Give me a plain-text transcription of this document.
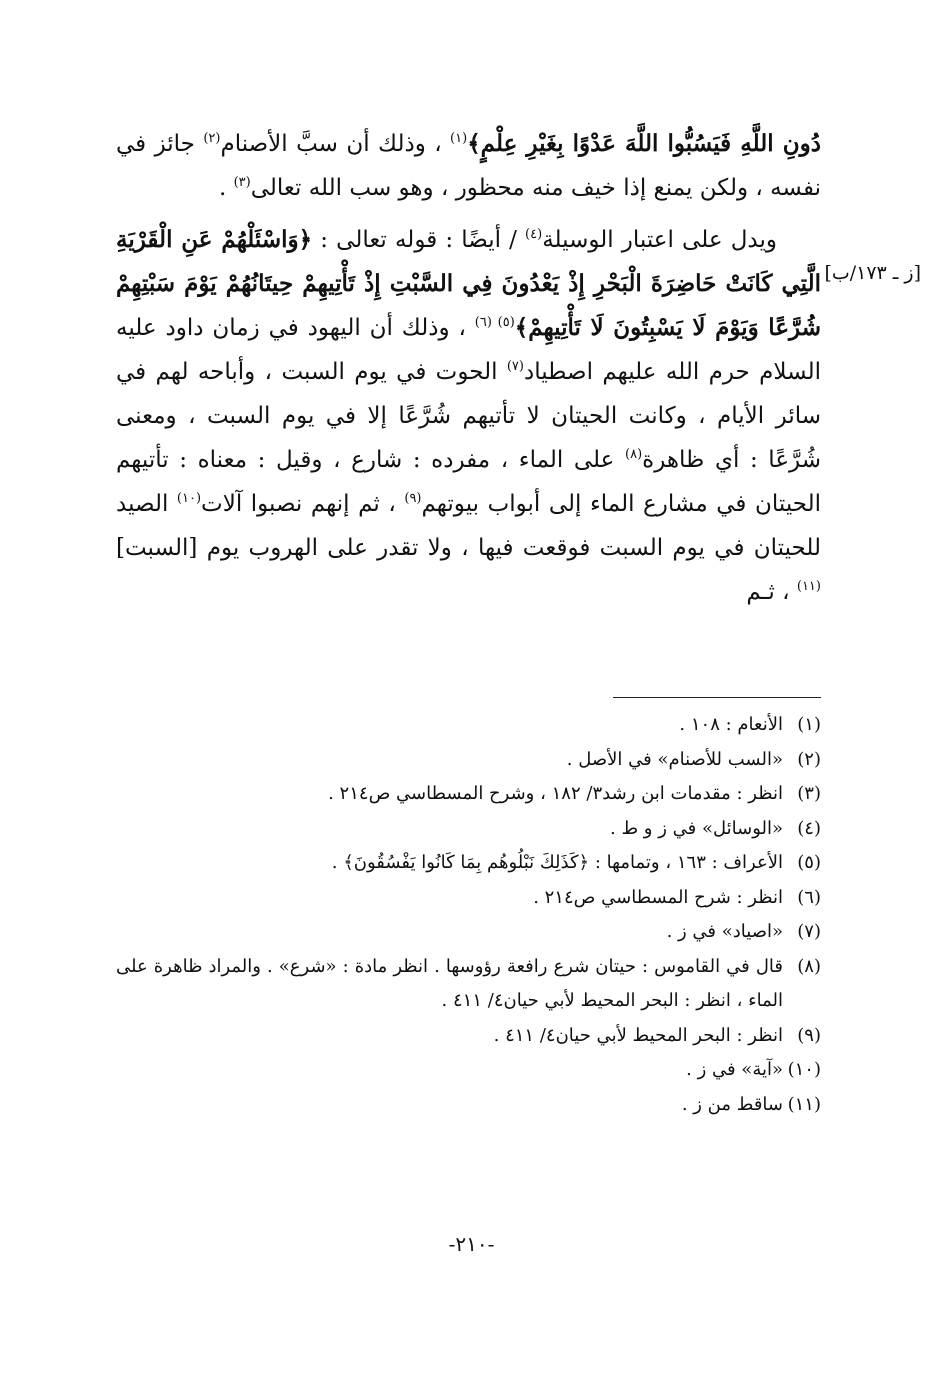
[ز ـ ١٧٣/ب]

دُونِ اللَّهِ فَيَسُبُّوا اللَّهَ عَدْوًا بِغَيْرِ عِلْمٍ﴾$^{(١)}$ ، وذلك أن سبَّ الأصنام$^{(٢)}$ جائز في نفسه ، ولكن يمنع إذا خيف منه محظور ، وهو سب الله تعالى$^{(٣)}$ .

ويدل على اعتبار الوسيلة$^{(٤)}$ / أيضًا : قوله تعالى : ﴿وَاسْئَلْهُمْ عَنِ الْقَرْيَةِ الَّتِي كَانَتْ حَاضِرَةَ الْبَحْرِ إِذْ يَعْدُونَ فِي السَّبْتِ إِذْ تَأْتِيهِمْ حِيتَانُهُمْ يَوْمَ سَبْتِهِمْ شُرَّعًا وَيَوْمَ لَا يَسْبِتُونَ لَا تَأْتِيهِمْ﴾$^{(٥) (٦)}$ ، وذلك أن اليهود في زمان داود عليه السلام حرم الله عليهم اصطياد$^{(٧)}$ الحوت في يوم السبت ، وأباحه لهم في سائر الأيام ، وكانت الحيتان لا تأتيهم شُرَّعًا إلا في يوم السبت ، ومعنى شُرَّعًا : أي ظاهرة$^{(٨)}$ على الماء ، مفرده : شارع ، وقيل : معناه : تأتيهم الحيتان في مشارع الماء إلى أبواب بيوتهم$^{(٩)}$ ، ثم إنهم نصبوا آلات$^{(١٠)}$ الصيد للحيتان في يوم السبت فوقعت فيها ، ولا تقدر على الهروب يوم [السبت]$^{(١١)}$ ، ثـم

(١)
الأنعام : ١٠٨ .
(٢)
«السب للأصنام» في الأصل .
(٣)
انظر : مقدمات ابن رشد٣/ ١٨٢ ، وشرح المسطاسي ص٢١٤ .
(٤)
«الوسائل» في ز و ط .
(٥)
الأعراف : ١٦٣ ، وتمامها : ﴿كَذَلِكَ نَبْلُوهُم بِمَا كَانُوا يَفْسُقُونَ﴾ .
(٦)
انظر : شرح المسطاسي ص٢١٤ .
(٧)
«اصياد» في ز .
(٨)
قال في القاموس : حيتان شرع رافعة رؤوسها . انظر مادة : «شرع» . والمراد ظاهرة على الماء ، انظر : البحر المحيط لأبي حيان٤/ ٤١١ .
(٩)
انظر : البحر المحيط لأبي حيان٤/ ٤١١ .
(١٠)
«آية» في ز .
(١١)
ساقط من ز .
-٢١٠-
